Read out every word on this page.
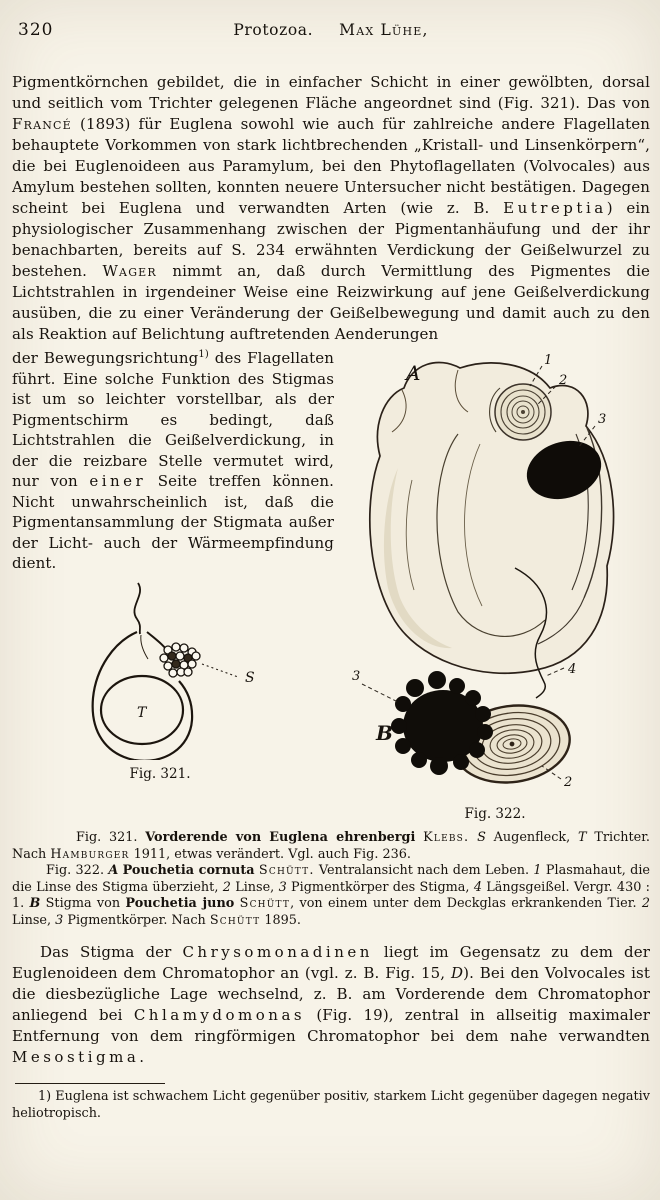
320	Protozoa. Max Lühe,

Pigmentkörnchen gebildet, die in einfacher Schicht in einer gewölbten, dorsal und seitlich vom Trichter gelegenen Fläche angeordnet sind (Fig. 321). Das von Francé (1893) für Euglena sowohl wie auch für zahlreiche andere Flagellaten behauptete Vorkommen von stark lichtbrechenden „Kristall- und Linsenkörpern“, die bei Euglenoideen aus Paramylum, bei den Phytoflagellaten (Volvocales) aus Amylum bestehen sollten, konnten neuere Untersucher nicht bestätigen. Dagegen scheint bei Euglena und verwandten Arten (wie z. B. Eutreptia) ein physiologischer Zusammenhang zwischen der Pigmentanhäufung und der ihr benachbarten, bereits auf S. 234 erwähnten Verdickung der Geißelwurzel zu bestehen. Wager nimmt an, daß durch Vermittlung des Pigmentes die Lichtstrahlen in irgendeiner Weise eine Reizwirkung auf jene Geißelverdickung ausüben, die zu einer Veränderung der Geißelbewegung und damit auch zu den als Reaktion auf Belichtung auftretenden Aenderungen

der Bewegungsrichtung$^{1)}$ des Flagellaten führt. Eine solche Funktion des Stigmas ist um so leichter vorstellbar, als der Pigmentschirm es bedingt, daß Lichtstrahlen die Geißelverdickung, in der die reizbare Stelle vermutet wird, nur von einer Seite treffen können. Nicht unwahrscheinlich ist, daß die Pigmentansammlung der Stigmata außer der Licht- auch der Wärmeempfindung dient.

T
S
Fig. 321.
A
1
2
3
4
B
3
2
Fig. 322.

Fig. 321. Vorderende von Euglena ehrenbergi Klebs. S Augenfleck, T Trichter. Nach Hamburger 1911, etwas verändert. Vgl. auch Fig. 236.

Fig. 322. A Pouchetia cornuta Schütt. Ventralansicht nach dem Leben. 1 Plasmahaut, die die Linse des Stigma überzieht, 2 Linse, 3 Pigmentkörper des Stigma, 4 Längsgeißel. Vergr. 430 : 1. B Stigma von Pouchetia juno Schütt, von einem unter dem Deckglas erkrankenden Tier. 2 Linse, 3 Pigmentkörper. Nach Schütt 1895.

Das Stigma der Chrysomonadinen liegt im Gegensatz zu dem der Euglenoideen dem Chromatophor an (vgl. z. B. Fig. 15, D). Bei den Volvocales ist die diesbezügliche Lage wechselnd, z. B. am Vorderende dem Chromatophor anliegend bei Chlamydomonas (Fig. 19), zentral in allseitig maximaler Entfernung von dem ringförmigen Chromatophor bei dem nahe verwandten Mesostigma.

1) Euglena ist schwachem Licht gegenüber positiv, starkem Licht gegenüber dagegen negativ heliotropisch.
